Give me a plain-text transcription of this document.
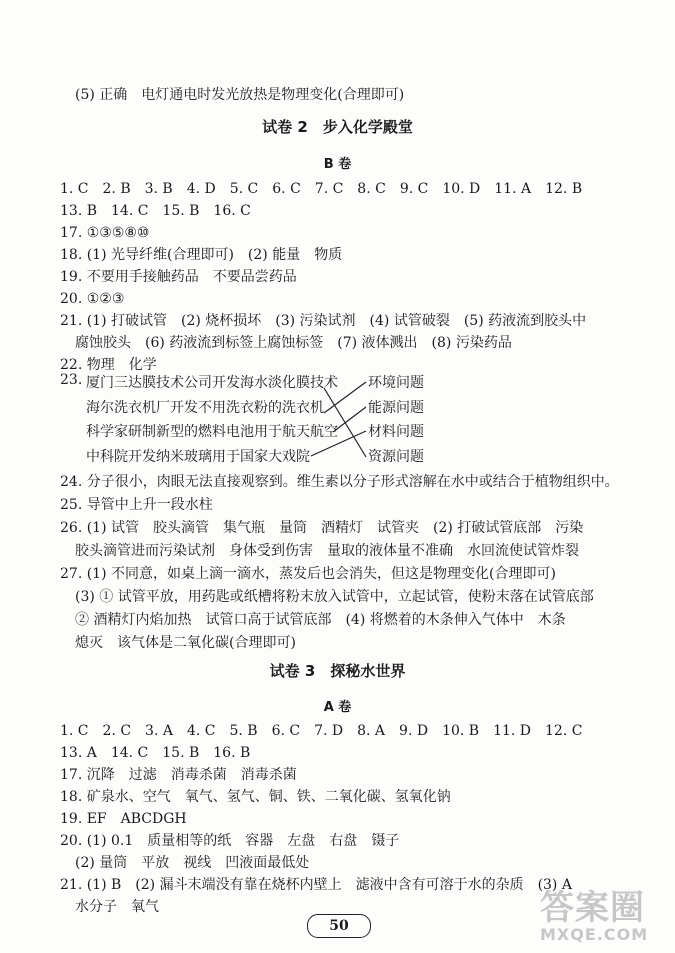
(5) 正确　电灯通电时发光放热是物理变化(合理即可)
试卷 2　步入化学殿堂
B 卷
1. C　2. B　3. B　4. D　5. C　6. C　7. C　8. C　9. C　10. D　11. A　12. B
13. B　14. C　15. B　16. C
17. ①③⑤⑧⑩
18. (1) 光导纤维(合理即可)　(2) 能量　物质
19. 不要用手接触药品　不要品尝药品
20. ①②③
21. (1) 打破试管　(2) 烧杯损坏　(3) 污染试剂　(4) 试管破裂　(5) 药液流到胶头中
腐蚀胶头　(6) 药液流到标签上腐蚀标签　(7) 液体溅出　(8) 污染药品
22. 物理　化学
23. 厦门三达膜技术公司开发海水淡化膜技术
海尔洗衣机厂开发不用洗衣粉的洗衣机
科学家研制新型的燃料电池用于航天航空
中科院开发纳米玻璃用于国家大戏院
环境问题
能源问题
材料问题
资源问题
24. 分子很小，肉眼无法直接观察到。维生素以分子形式溶解在水中或结合于植物组织中。
25. 导管中上升一段水柱
26. (1) 试管　胶头滴管　集气瓶　量筒　酒精灯　试管夹　(2) 打破试管底部　污染
胶头滴管进而污染试剂　身体受到伤害　量取的液体量不准确　水回流使试管炸裂
27. (1) 不同意，如桌上滴一滴水，蒸发后也会消失，但这是物理变化(合理即可)
(3) ① 试管平放，用药匙或纸槽将粉末放入试管中，立起试管，使粉末落在试管底部
② 酒精灯内焰加热　试管口高于试管底部　(4) 将燃着的木条伸入气体中　木条
熄灭　该气体是二氧化碳(合理即可)
试卷 3　探秘水世界
A 卷
1. C　2. C　3. A　4. C　5. B　6. C　7. D　8. A　9. D　10. B　11. D　12. C
13. A　14. C　15. B　16. B
17. 沉降　过滤　消毒杀菌　消毒杀菌
18. 矿泉水、空气　氧气、氢气、铜、铁、二氧化碳、氢氧化钠
19. EF　ABCDGH
20. (1) 0.1　质量相等的纸　容器　左盘　右盘　镊子
(2) 量筒　平放　视线　凹液面最低处
21. (1) B　(2) 漏斗末端没有靠在烧杯内壁上　滤液中含有可溶于水的杂质　(3) A
水分子　氧气
50	答案圈
MXQE.COM
